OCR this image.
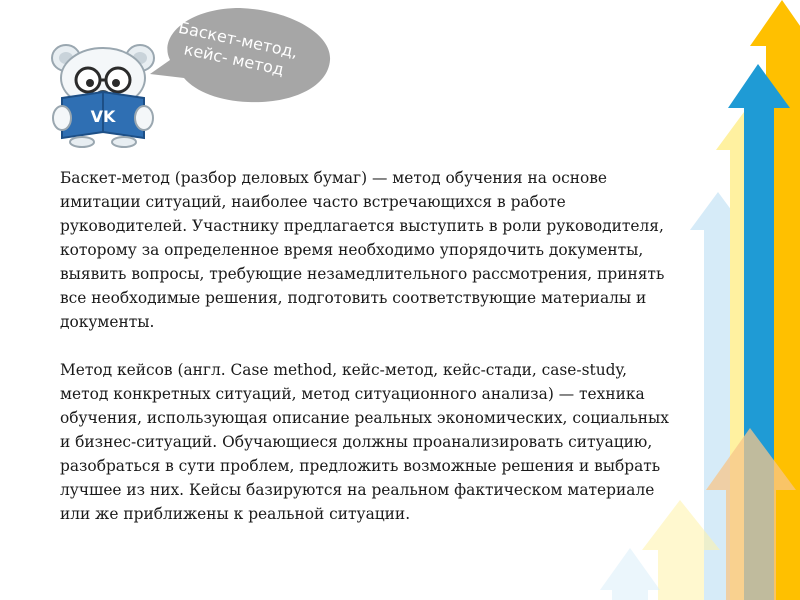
VK
Баскет-метод,
кейс- метод

Баскет-метод (разбор деловых бумаг) — метод обучения на основе имитации ситуаций, наиболее часто встречающихся в работе руководителей. Участнику предлагается выступить в роли руководителя, которому за определенное время необходимо упорядочить документы, выявить вопросы, требующие незамедлительного рассмотрения, принять все необходимые решения, подготовить соответствующие материалы и документы.

Метод кейсов (англ. Case method, кейс-метод, кейс-стади, case-study, метод конкретных ситуаций, метод ситуационного анализа) — техника обучения, использующая описание реальных экономических, социальных и бизнес-ситуаций. Обучающиеся должны проанализировать ситуацию, разобраться в сути проблем, предложить возможные решения и выбрать лучшее из них. Кейсы базируются на реальном фактическом материале или же приближены к реальной ситуации.
